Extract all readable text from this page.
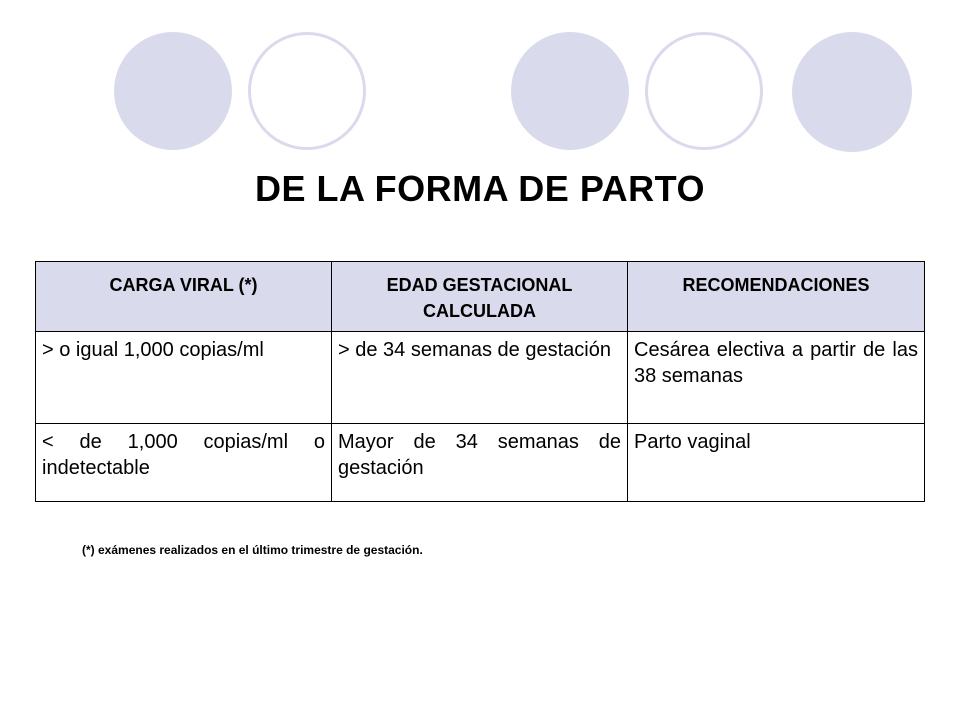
DE LA FORMA DE PARTO
CARGA VIRAL (*)	EDAD GESTACIONAL CALCULADA	RECOMENDACIONES
> o igual 1,000 copias/ml	> de 34 semanas de gestación	Cesárea electiva a partir de las 38 semanas
< de 1,000 copias/ml o indetectable	Mayor de 34 semanas de gestación	Parto vaginal
(*) exámenes realizados en el último trimestre de gestación.
